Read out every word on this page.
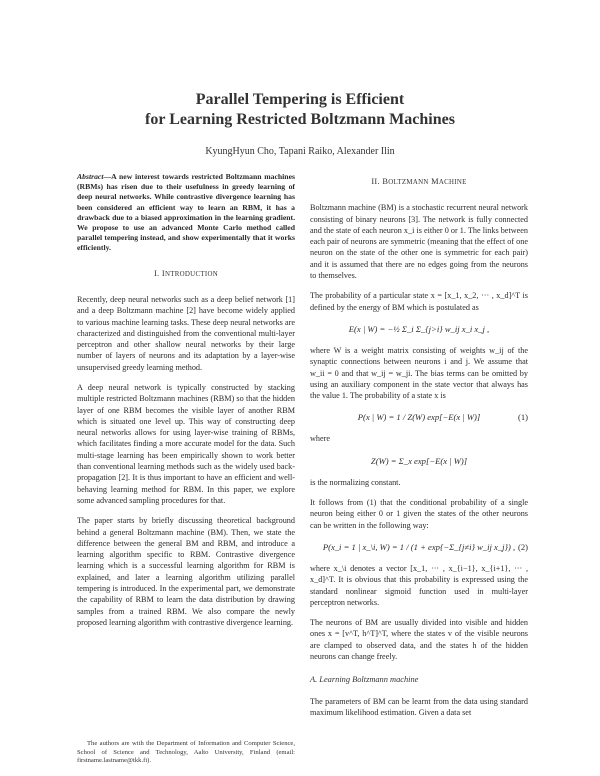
Parallel Tempering is Efficient
for Learning Restricted Boltzmann Machines
KyungHyun Cho, Tapani Raiko, Alexander Ilin

Abstract—A new interest towards restricted Boltzmann machines (RBMs) has risen due to their usefulness in greedy learning of deep neural networks. While contrastive divergence learning has been considered an efficient way to learn an RBM, it has a drawback due to a biased approximation in the learning gradient. We propose to use an advanced Monte Carlo method called parallel tempering instead, and show experimentally that it works efficiently.

I. INTRODUCTION

Recently, deep neural networks such as a deep belief network [1] and a deep Boltzmann machine [2] have become widely applied to various machine learning tasks. These deep neural networks are characterized and distinguished from the conventional multi-layer perceptron and other shallow neural networks by their large number of layers of neurons and its adaptation by a layer-wise unsupervised greedy learning method.

A deep neural network is typically constructed by stacking multiple restricted Boltzmann machines (RBM) so that the hidden layer of one RBM becomes the visible layer of another RBM which is situated one level up. This way of constructing deep neural networks allows for using layer-wise training of RBMs, which facilitates finding a more accurate model for the data. Such multi-stage learning has been empirically shown to work better than conventional learning methods such as the widely used back-propagation [2]. It is thus important to have an efficient and well-behaving learning method for RBM. In this paper, we explore some advanced sampling procedures for that.

The paper starts by briefly discussing theoretical background behind a general Boltzmann machine (BM). Then, we state the difference between the general BM and RBM, and introduce a learning algorithm specific to RBM. Contrastive divergence learning which is a successful learning algorithm for RBM is explained, and later a learning algorithm utilizing parallel tempering is introduced. In the experimental part, we demonstrate the capability of RBM to learn the data distribution by drawing samples from a trained RBM. We also compare the newly proposed learning algorithm with contrastive divergence learning.

The authors are with the Department of Information and Computer Science, School of Science and Technology, Aalto University, Finland (email: firstname.lastname@tkk.fi).

II. BOLTZMANN MACHINE

Boltzmann machine (BM) is a stochastic recurrent neural network consisting of binary neurons [3]. The network is fully connected and the state of each neuron x_i is either 0 or 1. The links between each pair of neurons are symmetric (meaning that the effect of one neuron on the state of the other one is symmetric for each pair) and it is assumed that there are no edges going from the neurons to themselves.

The probability of a particular state x = [x_1, x_2, ··· , x_d]^T is defined by the energy of BM which is postulated as

E(x | W) = −½ Σ_i Σ_{j>i} w_ij x_i x_j ,

where W is a weight matrix consisting of weights w_ij of the synaptic connections between neurons i and j. We assume that w_ii = 0 and that w_ij = w_ji. The bias terms can be omitted by using an auxiliary component in the state vector that always has the value 1. The probability of a state x is

P(x | W) = 1 / Z(W) exp[−E(x | W)]	(1)

where

Z(W) = Σ_x exp[−E(x | W)]

is the normalizing constant.

It follows from (1) that the conditional probability of a single neuron being either 0 or 1 given the states of the other neurons can be written in the following way:

P(x_i = 1 | x_\i, W) = 1 / (1 + exp{−Σ_{j≠i} w_ij x_j}) , (2)

where x_\i denotes a vector [x_1, ··· , x_{i−1}, x_{i+1}, ··· , x_d]^T. It is obvious that this probability is expressed using the standard nonlinear sigmoid function used in multi-layer perceptron networks.

The neurons of BM are usually divided into visible and hidden ones x = [v^T, h^T]^T, where the states v of the visible neurons are clamped to observed data, and the states h of the hidden neurons can change freely.

A. Learning Boltzmann machine

The parameters of BM can be learnt from the data using standard maximum likelihood estimation. Given a data set
